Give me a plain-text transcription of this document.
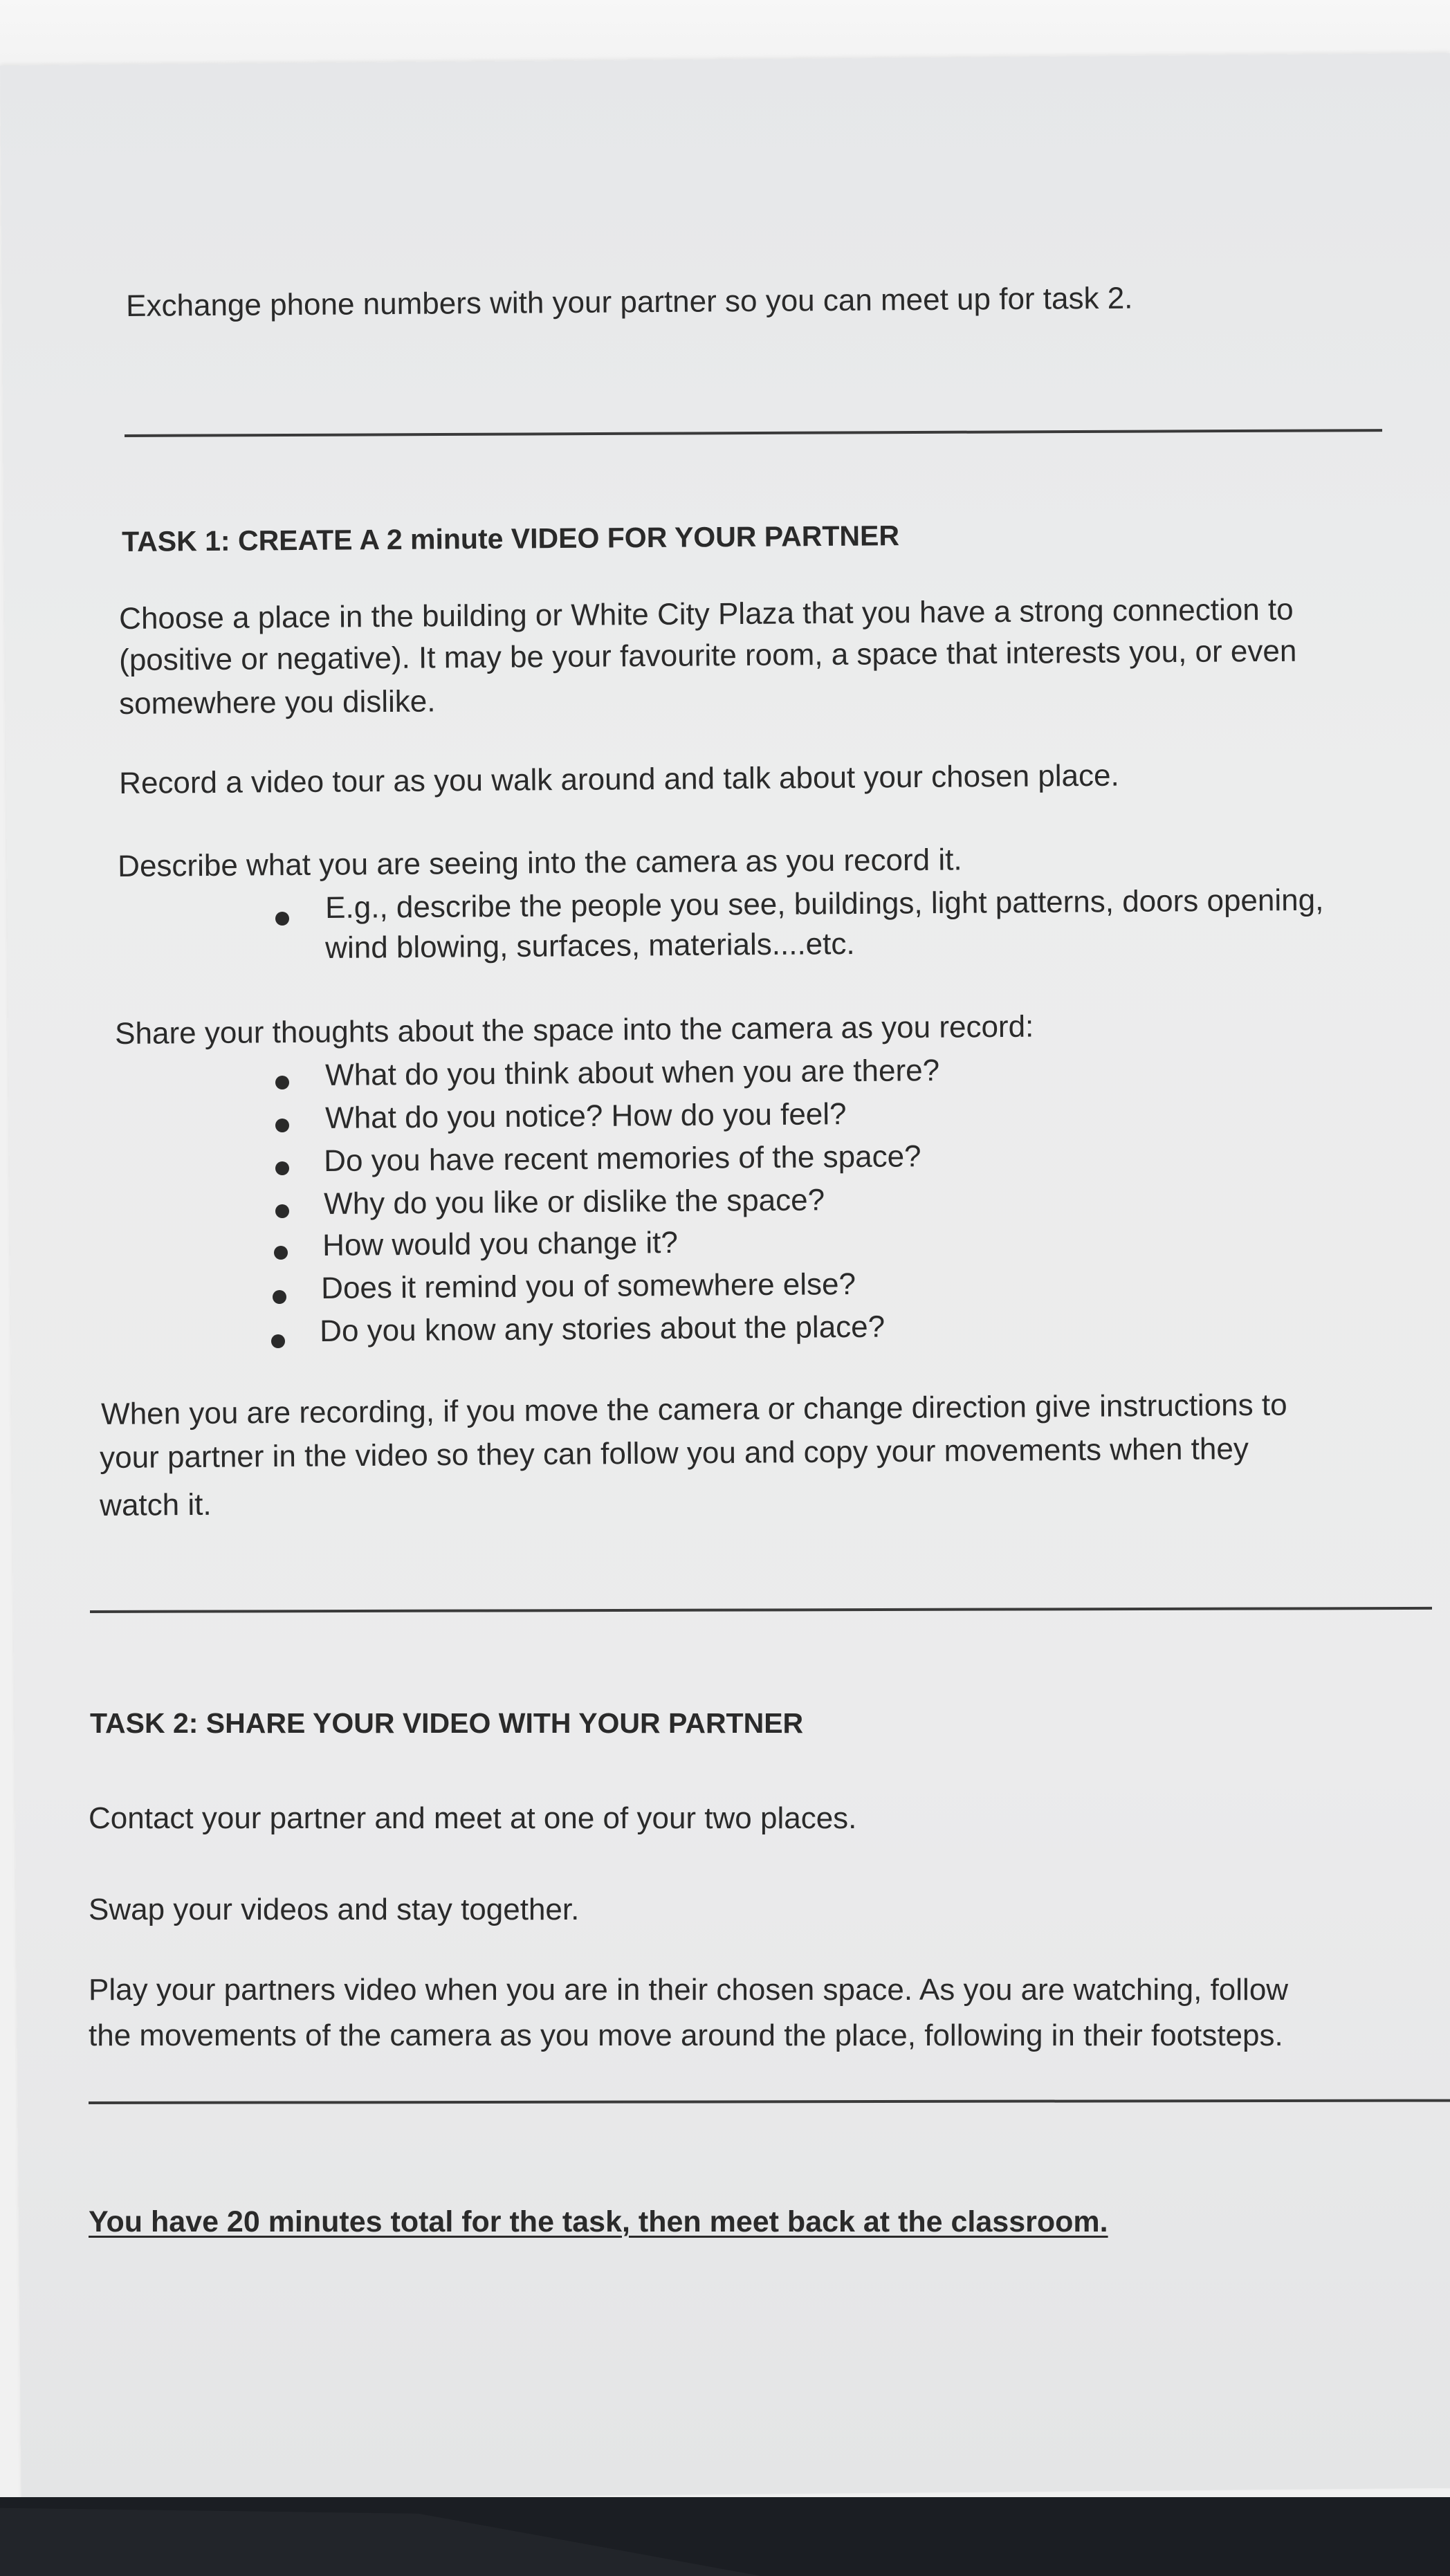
Exchange phone numbers with your partner so you can meet up for task 2.
TASK 1: CREATE A 2 minute VIDEO FOR YOUR PARTNER
Choose a place in the building or White City Plaza that you have a strong connection to
(positive or negative). It may be your favourite room, a space that interests you, or even
somewhere you dislike.
Record a video tour as you walk around and talk about your chosen place.
Describe what you are seeing into the camera as you record it.
E.g., describe the people you see, buildings, light patterns, doors opening,
wind blowing, surfaces, materials....etc.
Share your thoughts about the space into the camera as you record:
What do you think about when you are there?
What do you notice? How do you feel?
Do you have recent memories of the space?
Why do you like or dislike the space?
How would you change it?
Does it remind you of somewhere else?
Do you know any stories about the place?
When you are recording, if you move the camera or change direction give instructions to
your partner in the video so they can follow you and copy your movements when they
watch it.
TASK 2: SHARE YOUR VIDEO WITH YOUR PARTNER
Contact your partner and meet at one of your two places.
Swap your videos and stay together.
Play your partners video when you are in their chosen space. As you are watching, follow
the movements of the camera as you move around the place, following in their footsteps.
You have 20 minutes total for the task, then meet back at the classroom.
